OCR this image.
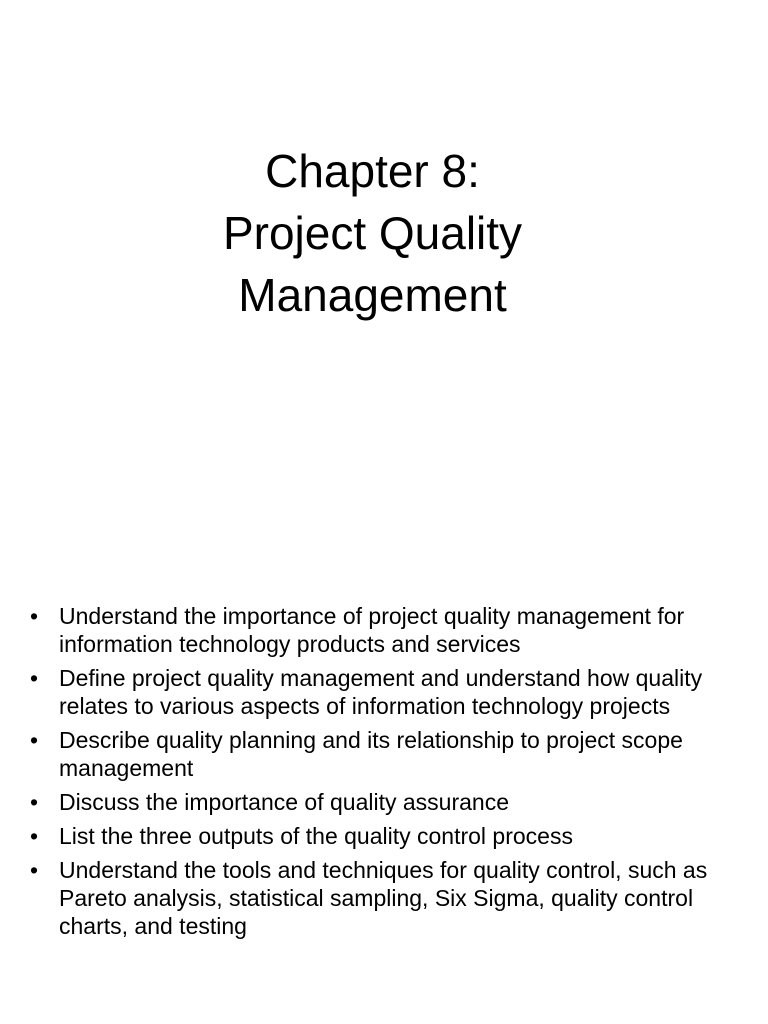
Chapter 8:
Project Quality
Management
• Understand the importance of project quality management for information technology products and services
• Define project quality management and understand how quality relates to various aspects of information technology projects
• Describe quality planning and its relationship to project scope management
• Discuss the importance of quality assurance
• List the three outputs of the quality control process
• Understand the tools and techniques for quality control, such as Pareto analysis, statistical sampling, Six Sigma, quality control charts, and testing
